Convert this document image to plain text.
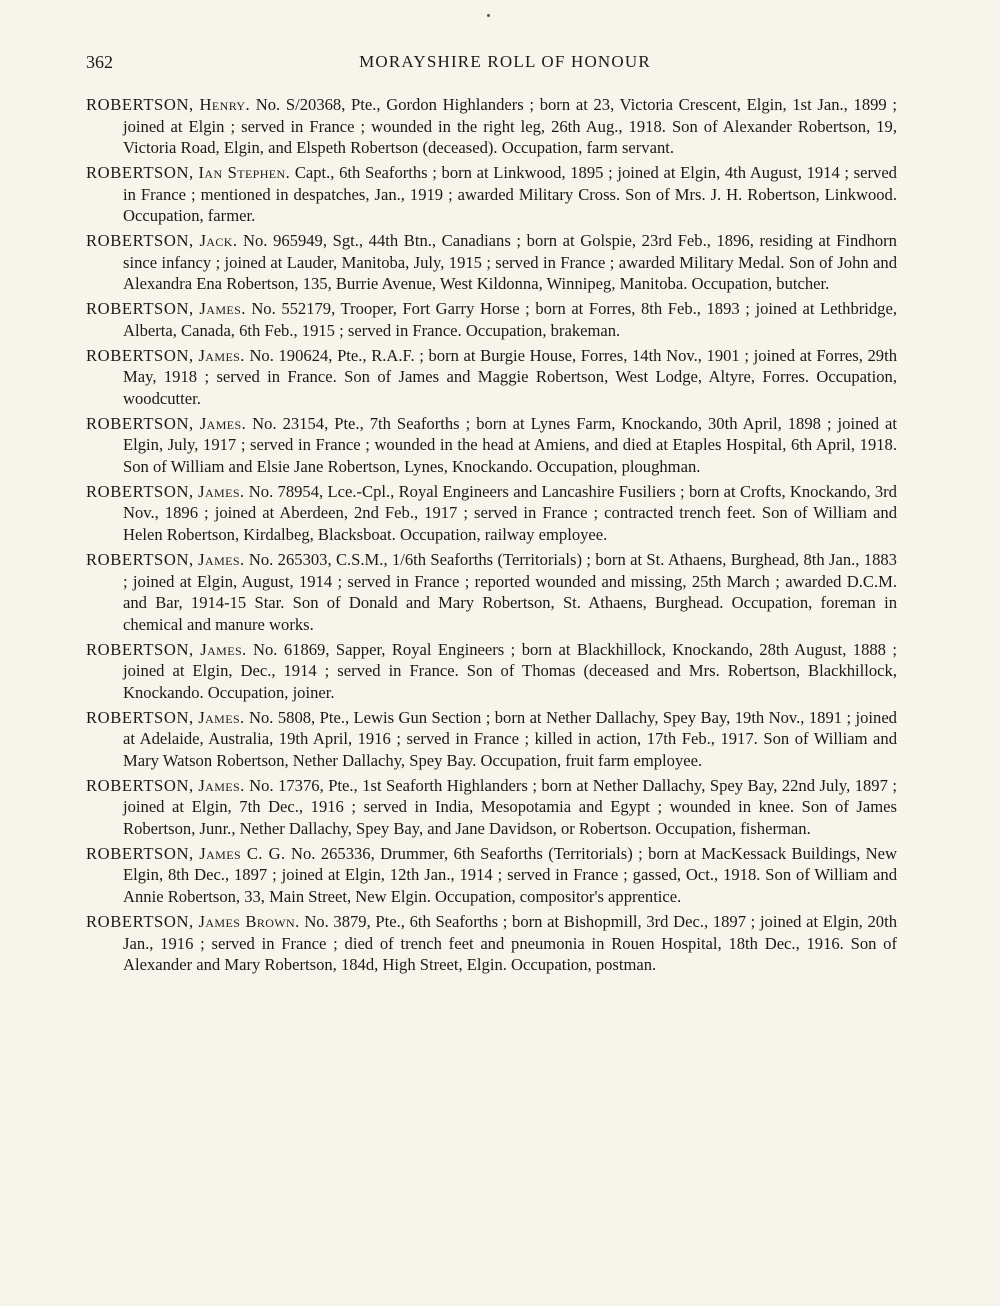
362	MORAYSHIRE ROLL OF HONOUR

ROBERTSON, Henry. No. S/20368, Pte., Gordon Highlanders ; born at 23, Victoria Crescent, Elgin, 1st Jan., 1899 ; joined at Elgin ; served in France ; wounded in the right leg, 26th Aug., 1918. Son of Alexander Robertson, 19, Victoria Road, Elgin, and Elspeth Robertson (deceased). Occupation, farm servant.

ROBERTSON, Ian Stephen. Capt., 6th Seaforths ; born at Linkwood, 1895 ; joined at Elgin, 4th August, 1914 ; served in France ; mentioned in despatches, Jan., 1919 ; awarded Military Cross. Son of Mrs. J. H. Robertson, Linkwood. Occupation, farmer.

ROBERTSON, Jack. No. 965949, Sgt., 44th Btn., Canadians ; born at Golspie, 23rd Feb., 1896, residing at Findhorn since infancy ; joined at Lauder, Manitoba, July, 1915 ; served in France ; awarded Military Medal. Son of John and Alexandra Ena Robertson, 135, Burrie Avenue, West Kildonna, Winnipeg, Manitoba. Occupation, butcher.

ROBERTSON, James. No. 552179, Trooper, Fort Garry Horse ; born at Forres, 8th Feb., 1893 ; joined at Lethbridge, Alberta, Canada, 6th Feb., 1915 ; served in France. Occupation, brakeman.

ROBERTSON, James. No. 190624, Pte., R.A.F. ; born at Burgie House, Forres, 14th Nov., 1901 ; joined at Forres, 29th May, 1918 ; served in France. Son of James and Maggie Robertson, West Lodge, Altyre, Forres. Occupation, woodcutter.

ROBERTSON, James. No. 23154, Pte., 7th Seaforths ; born at Lynes Farm, Knockando, 30th April, 1898 ; joined at Elgin, July, 1917 ; served in France ; wounded in the head at Amiens, and died at Etaples Hospital, 6th April, 1918. Son of William and Elsie Jane Robertson, Lynes, Knockando. Occupation, ploughman.

ROBERTSON, James. No. 78954, Lce.-Cpl., Royal Engineers and Lancashire Fusiliers ; born at Crofts, Knockando, 3rd Nov., 1896 ; joined at Aberdeen, 2nd Feb., 1917 ; served in France ; contracted trench feet. Son of William and Helen Robertson, Kirdalbeg, Blacksboat. Occupation, railway employee.

ROBERTSON, James. No. 265303, C.S.M., 1/6th Seaforths (Territorials) ; born at St. Athaens, Burghead, 8th Jan., 1883 ; joined at Elgin, August, 1914 ; served in France ; reported wounded and missing, 25th March ; awarded D.C.M. and Bar, 1914-15 Star. Son of Donald and Mary Robertson, St. Athaens, Burghead. Occupation, foreman in chemical and manure works.

ROBERTSON, James. No. 61869, Sapper, Royal Engineers ; born at Blackhillock, Knockando, 28th August, 1888 ; joined at Elgin, Dec., 1914 ; served in France. Son of Thomas (deceased and Mrs. Robertson, Blackhillock, Knockando. Occupation, joiner.

ROBERTSON, James. No. 5808, Pte., Lewis Gun Section ; born at Nether Dallachy, Spey Bay, 19th Nov., 1891 ; joined at Adelaide, Australia, 19th April, 1916 ; served in France ; killed in action, 17th Feb., 1917. Son of William and Mary Watson Robertson, Nether Dallachy, Spey Bay. Occupation, fruit farm employee.

ROBERTSON, James. No. 17376, Pte., 1st Seaforth Highlanders ; born at Nether Dallachy, Spey Bay, 22nd July, 1897 ; joined at Elgin, 7th Dec., 1916 ; served in India, Mesopotamia and Egypt ; wounded in knee. Son of James Robertson, Junr., Nether Dallachy, Spey Bay, and Jane Davidson, or Robertson. Occupation, fisherman.

ROBERTSON, James C. G. No. 265336, Drummer, 6th Seaforths (Territorials) ; born at MacKessack Buildings, New Elgin, 8th Dec., 1897 ; joined at Elgin, 12th Jan., 1914 ; served in France ; gassed, Oct., 1918. Son of William and Annie Robertson, 33, Main Street, New Elgin. Occupation, compositor's apprentice.

ROBERTSON, James Brown. No. 3879, Pte., 6th Seaforths ; born at Bishopmill, 3rd Dec., 1897 ; joined at Elgin, 20th Jan., 1916 ; served in France ; died of trench feet and pneumonia in Rouen Hospital, 18th Dec., 1916. Son of Alexander and Mary Robertson, 184d, High Street, Elgin. Occupation, postman.
